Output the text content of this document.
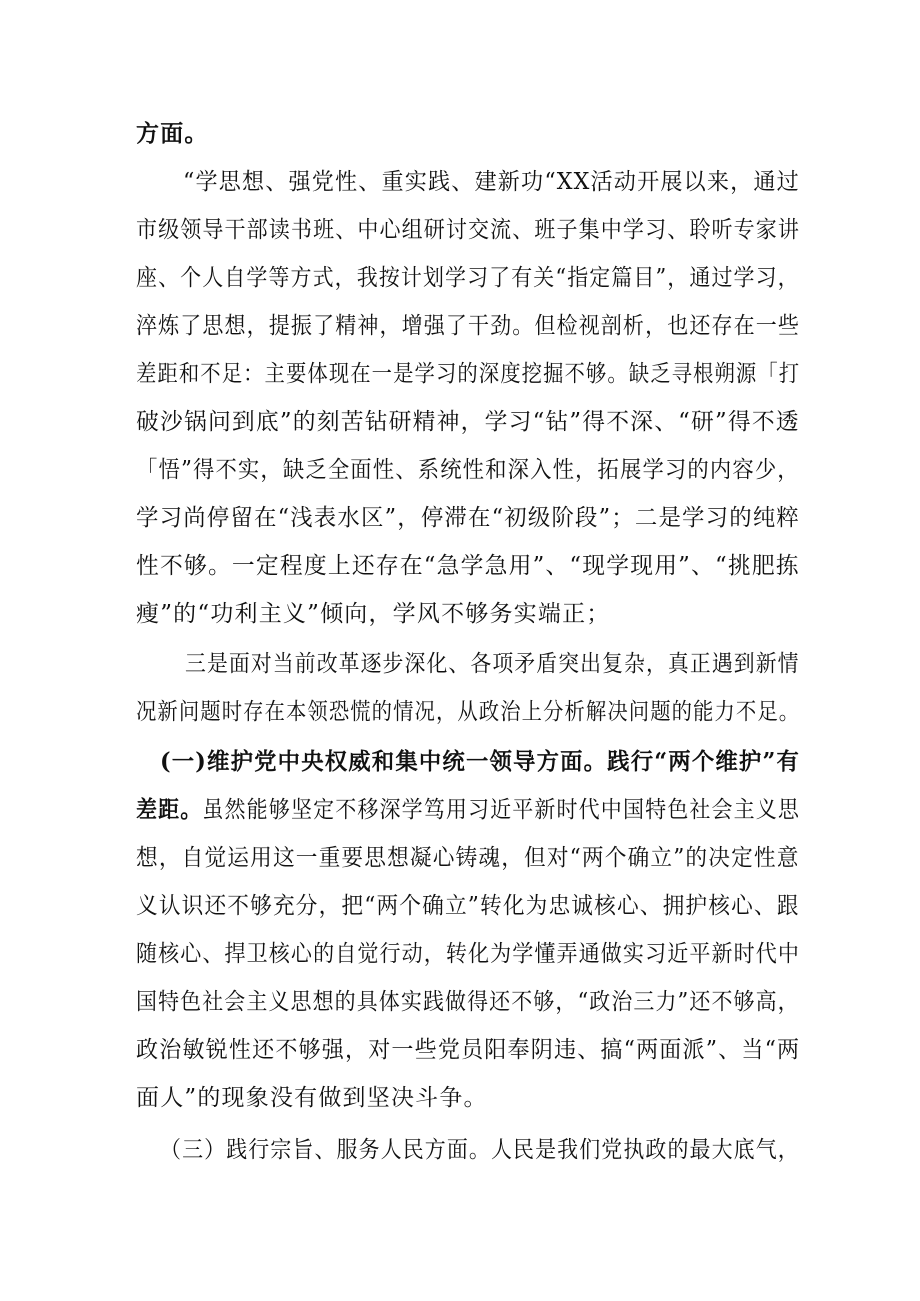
方面。

“学思想、强党性、重实践、建新功“XX活动开展以来，通过

市级领导干部读书班、中心组研讨交流、班子集中学习、聆听专家讲

座、个人自学等方式，我按计划学习了有关“指定篇目”，通过学习，

淬炼了思想，提振了精神，增强了干劲。但检视剖析，也还存在一些

差距和不足：主要体现在一是学习的深度挖掘不够。缺乏寻根朔源「打

破沙锅问到底”的刻苦钻研精神，学习“钻”得不深、“研”得不透

「悟”得不实，缺乏全面性、系统性和深入性，拓展学习的内容少，

学习尚停留在“浅表水区”，停滞在“初级阶段”；二是学习的纯粹

性不够。一定程度上还存在“急学急用”、“现学现用”、“挑肥拣

瘦”的“功利主义”倾向，学风不够务实端正；

三是面对当前改革逐步深化、各项矛盾突出复杂，真正遇到新情

况新问题时存在本领恐慌的情况，从政治上分析解决问题的能力不足。

(一)维护党中央权威和集中统一领导方面。践行“两个维护”有

差距。虽然能够坚定不移深学笃用习近平新时代中国特色社会主义思

想，自觉运用这一重要思想凝心铸魂，但对“两个确立”的决定性意

义认识还不够充分，把“两个确立”转化为忠诚核心、拥护核心、跟

随核心、捍卫核心的自觉行动，转化为学懂弄通做实习近平新时代中

国特色社会主义思想的具体实践做得还不够，“政治三力”还不够高，

政治敏锐性还不够强，对一些党员阳奉阴违、搞“两面派”、当“两

面人”的现象没有做到坚决斗争。

（三）践行宗旨、服务人民方面。人民是我们党执政的最大底气，
